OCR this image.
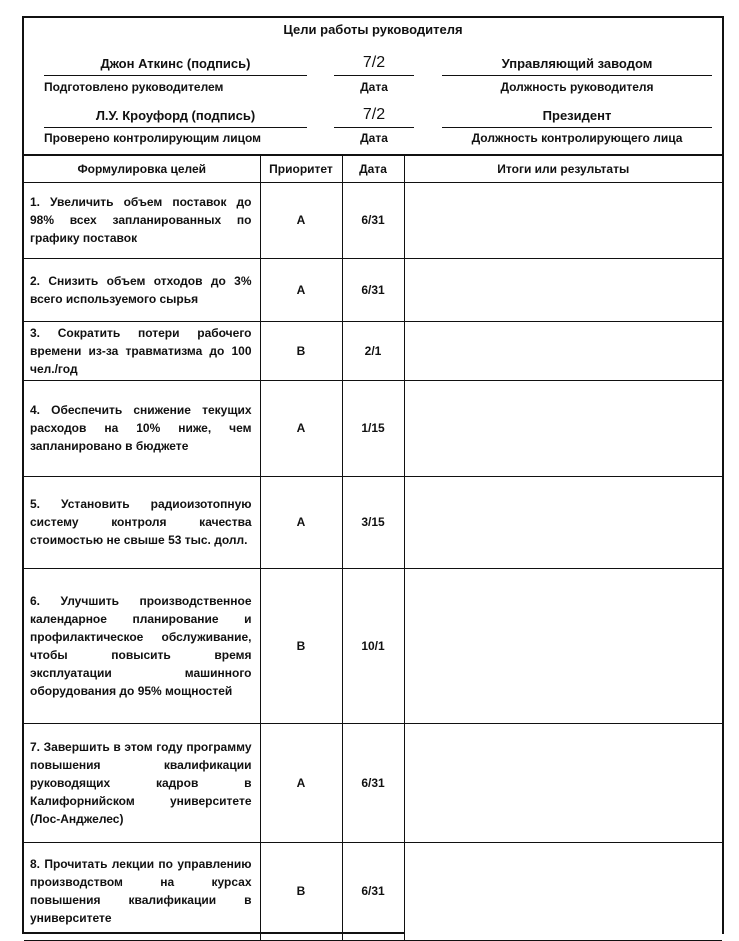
Цели работы руководителя
Джон Аткинс (подпись)
Подготовлено руководителем
7/2
Дата
Управляющий заводом
Должность руководителя
Л.У. Кроуфорд (подпись)
Проверено контролирующим лицом
7/2
Дата
Президент
Должность контролирующего лица
Формулировка целей	Приоритет	Дата	Итоги или результаты
1. Увеличить объем поставок до 98% всех запланированных по графику поставок	А	6/31	
2. Снизить объем отходов до 3% всего используемого сырья	А	6/31	
3. Сократить потери рабочего времени из-за травматизма до 100 чел./год	В	2/1	
4. Обеспечить снижение текущих расходов на 10% ниже, чем запланировано в бюджете	А	1/15	
5. Установить радиоизотопную систему контроля качества стоимостью не свыше 53 тыс. долл.	А	3/15	
6. Улучшить производственное календарное планирование и профилактическое обслуживание, чтобы повысить время эксплуатации машинного оборудования до 95% мощностей	В	10/1	
7. Завершить в этом году программу повышения квалификации руководящих кадров в Калифорнийском университете (Лос-Анджелес)	А	6/31	
8. Прочитать лекции по управлению производством на курсах повышения квалификации в университете	В	6/31	
